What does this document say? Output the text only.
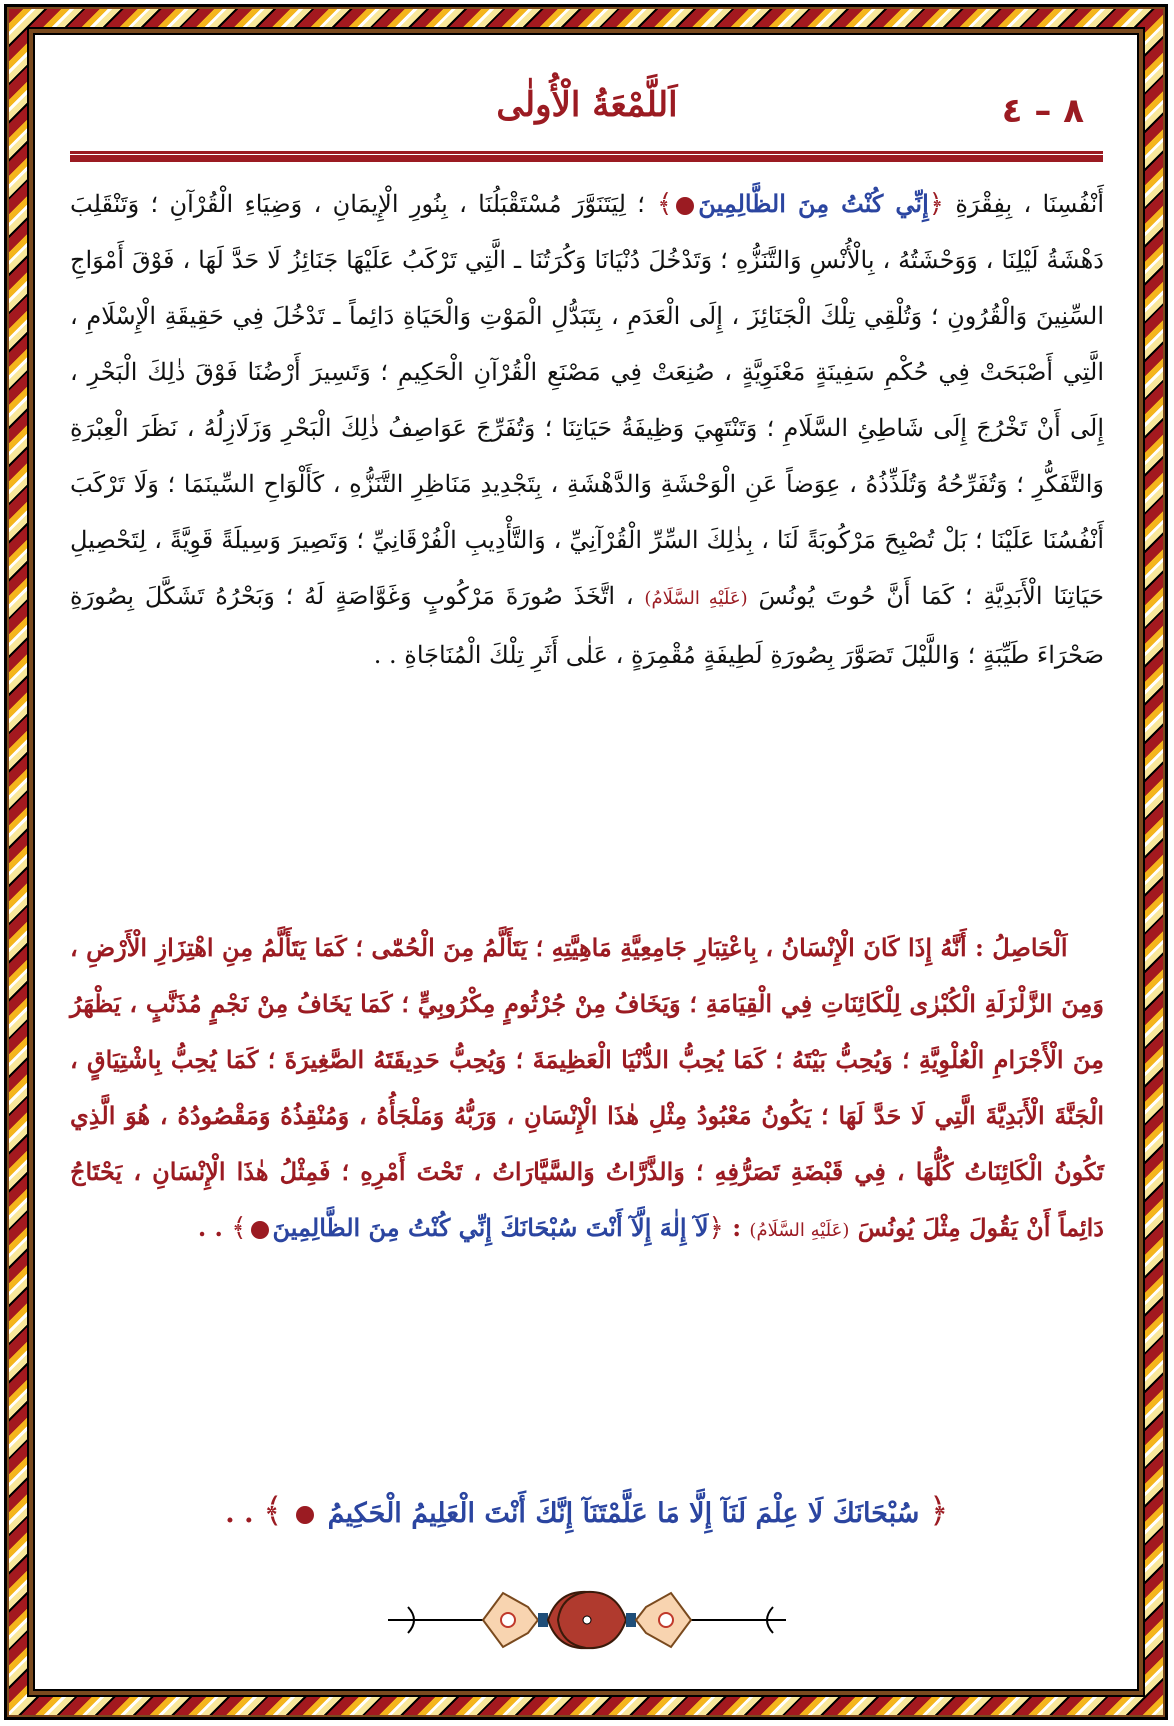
٨ – ٤
اَللَّمْعَةُ الْأُولٰى
أَنْفُسِنَا ، بِفِقْرَةِ ﴿إِنِّي كُنْتُ مِنَ الظَّالِمِينَ﴾ ؛ لِيَتَنَوَّرَ مُسْتَقْبَلُنَا ، بِنُورِ الْإِيمَانِ ، وَضِيَاءِ الْقُرْآنِ ؛ وَتَنْقَلِبَ دَهْشَةُ لَيْلِنَا ، وَوَحْشَتُهُ ، بِالْأُنْسِ وَالتَّنَزُّهِ ؛ وَتَدْخُلَ دُنْيَانَا وَكُرَتُنَا ـ الَّتِي تَرْكَبُ عَلَيْهَا جَنَائِزُ لَا حَدَّ لَهَا ، فَوْقَ أَمْوَاجِ السِّنِينَ وَالْقُرُونِ ؛ وَتُلْقِي تِلْكَ الْجَنَائِزَ ، إِلَى الْعَدَمِ ، بِتَبَدُّلِ الْمَوْتِ وَالْحَيَاةِ دَائِماً ـ تَدْخُلَ فِي حَقِيقَةِ الْإِسْلَامِ ، الَّتِي أَصْبَحَتْ فِي حُكْمِ سَفِينَةٍ مَعْنَوِيَّةٍ ، صُنِعَتْ فِي مَصْنَعِ الْقُرْآنِ الْحَكِيمِ ؛ وَتَسِيرَ أَرْضُنَا فَوْقَ ذٰلِكَ الْبَحْرِ ، إِلَى أَنْ تَخْرُجَ إِلَى شَاطِئِ السَّلَامِ ؛ وَتَنْتَهِيَ وَظِيفَةُ حَيَاتِنَا ؛ وَتُفَرِّجَ عَوَاصِفُ ذٰلِكَ الْبَحْرِ وَزَلَازِلُهُ ، نَظَرَ الْعِبْرَةِ وَالتَّفَكُّرِ ؛ وَتُفَرِّحُهُ وَتُلَذِّذُهُ ، عِوَضاً عَنِ الْوَحْشَةِ وَالدَّهْشَةِ ، بِتَجْدِيدِ مَنَاظِرِ التَّنَزُّهِ ، كَأَلْوَاحِ السِّينَمَا ؛ وَلَا تَرْكَبَ أَنْفُسُنَا عَلَيْنَا ؛ بَلْ تُصْبِحَ مَرْكُوبَةً لَنَا ، بِذٰلِكَ السِّرِّ الْقُرْآنِيِّ ، وَالتَّأْدِيبِ الْفُرْقَانِيِّ ؛ وَتَصِيرَ وَسِيلَةً قَوِيَّةً ، لِتَحْصِيلِ حَيَاتِنَا الْأَبَدِيَّةِ ؛ كَمَا أَنَّ حُوتَ يُونُسَ (عَلَيْهِ السَّلَامُ) ، اتَّخَذَ صُورَةَ مَرْكُوبٍ وَغَوَّاصَةٍ لَهُ ؛ وَبَحْرُهُ تَشَكَّلَ بِصُورَةِ صَحْرَاءَ طَيِّبَةٍ ؛ وَاللَّيْلَ تَصَوَّرَ بِصُورَةِ لَطِيفَةٍ مُقْمِرَةٍ ، عَلٰى أَثَرِ تِلْكَ الْمُنَاجَاةِ . .
اَلْحَاصِلُ : أَنَّهُ إِذَا كَانَ الْإِنْسَانُ ، بِاعْتِبَارِ جَامِعِيَّةِ مَاهِيَّتِهِ ؛ يَتَأَلَّمُ مِنَ الْحُمّٰى ؛ كَمَا يَتَأَلَّمُ مِنِ اهْتِزَازِ الْأَرْضِ ، وَمِنَ الزَّلْزَلَةِ الْكُبْرٰى لِلْكَائِنَاتِ فِي الْقِيَامَةِ ؛ وَيَخَافُ مِنْ جُرْثُومٍ مِكْرُوبِيٍّ ؛ كَمَا يَخَافُ مِنْ نَجْمٍ مُذَنَّبٍ ، يَظْهَرُ مِنَ الْأَجْرَامِ الْعُلْوِيَّةِ ؛ وَيُحِبُّ بَيْتَهُ ؛ كَمَا يُحِبُّ الدُّنْيَا الْعَظِيمَةَ ؛ وَيُحِبُّ حَدِيقَتَهُ الصَّغِيرَةَ ؛ كَمَا يُحِبُّ بِاشْتِيَاقٍ ، الْجَنَّةَ الْأَبَدِيَّةَ الَّتِي لَا حَدَّ لَهَا ؛ يَكُونُ مَعْبُودُ مِثْلِ هٰذَا الْإِنْسَانِ ، وَرَبُّهُ وَمَلْجَأُهُ ، وَمُنْقِذُهُ وَمَقْصُودُهُ ، هُوَ الَّذِي تَكُونُ الْكَائِنَاتُ كُلُّهَا ، فِي قَبْضَةِ تَصَرُّفِهِ ؛ وَالذَّرَّاتُ وَالسَّيَّارَاتُ ، تَحْتَ أَمْرِهِ ؛ فَمِثْلُ هٰذَا الْإِنْسَانِ ، يَحْتَاجُ دَائِماً أَنْ يَقُولَ مِثْلَ يُونُسَ (عَلَيْهِ السَّلَامُ) : ﴿لَآ إِلٰهَ إِلَّآ أَنْتَ سُبْحَانَكَ إِنِّي كُنْتُ مِنَ الظَّالِمِينَ﴾ . .
﴿ سُبْحَانَكَ لَا عِلْمَ لَنَآ إِلَّا مَا عَلَّمْتَنَآ إِنَّكَ أَنْتَ الْعَلِيمُ الْحَكِيمُ  ﴾ . .
